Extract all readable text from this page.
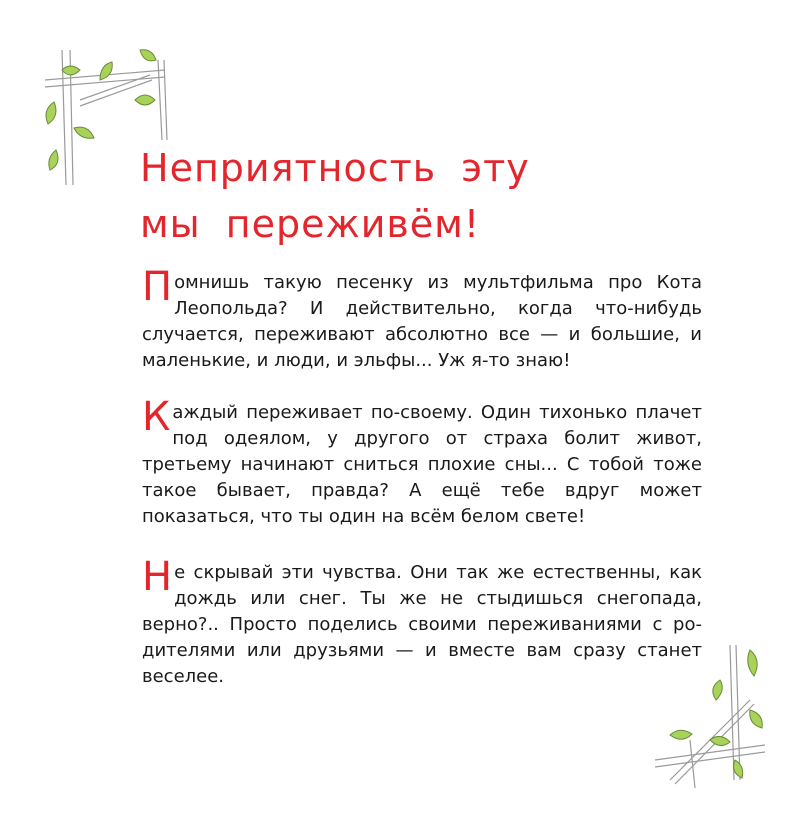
Неприятность эту
мы переживём!

Помнишь такую песенку из мультфильма про Кота Леопольда? И действительно, когда что-нибудь случается, переживают абсолютно все — и большие, и маленькие, и люди, и эльфы... Уж я-то знаю!

Каждый переживает по-своему. Один тихонько плачет под одеялом, у другого от страха болит живот, третьему начинают сниться плохие сны... С тобой тоже такое бывает, правда? А ещё тебе вдруг может показаться, что ты один на всём белом свете!

Не скрывай эти чувства. Они так же естественны, как дождь или снег. Ты же не стыдишься снегопада, верно?.. Просто поделись своими переживаниями с родителями или друзьями — и вместе вам сразу станет веселее.
